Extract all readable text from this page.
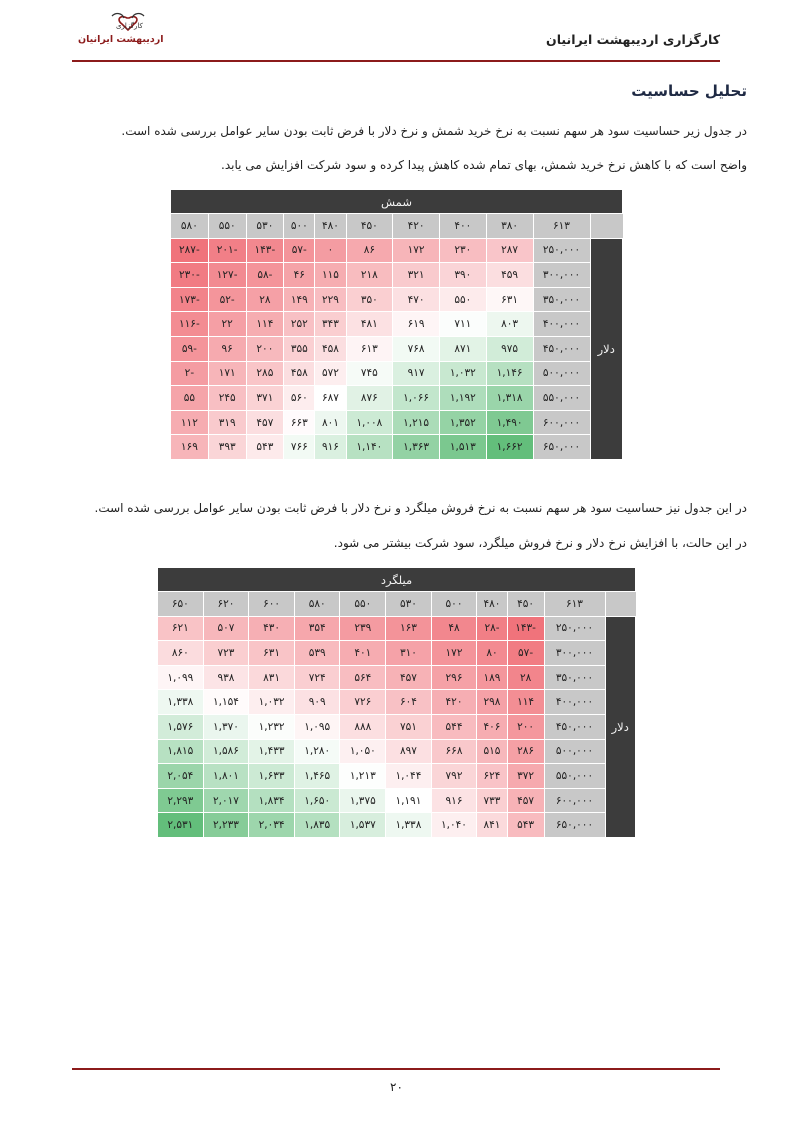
کارگزاری
اردیبهشت ایرانیان	کارگزاری اردیبهشت ایرانیان
تحلیل حساسیت
در جدول زیر حساسیت سود هر سهم نسبت به نرخ خرید شمش و نرخ دلار با فرض ثابت بودن سایر عوامل بررسی شده است.
واضح است که با کاهش نرخ خرید شمش، بهای تمام شده کاهش پیدا کرده و سود شرکت افزایش می یابد.
شمش										
	۶۱۳	۳۸۰	۴۰۰	۴۲۰	۴۵۰	۴۸۰	۵۰۰	۵۳۰	۵۵۰	۵۸۰
دلار	۲۵۰,۰۰۰	۲۸۷	۲۳۰	۱۷۲	۸۶	۰	-۵۷	-۱۴۳	-۲۰۱	-۲۸۷
	۳۰۰,۰۰۰	۴۵۹	۳۹۰	۳۲۱	۲۱۸	۱۱۵	۴۶	-۵۸	-۱۲۷	-۲۳۰
	۳۵۰,۰۰۰	۶۳۱	۵۵۰	۴۷۰	۳۵۰	۲۲۹	۱۴۹	۲۸	-۵۲	-۱۷۳
	۴۰۰,۰۰۰	۸۰۳	۷۱۱	۶۱۹	۴۸۱	۳۴۳	۲۵۲	۱۱۴	۲۲	-۱۱۶
	۴۵۰,۰۰۰	۹۷۵	۸۷۱	۷۶۸	۶۱۳	۴۵۸	۳۵۵	۲۰۰	۹۶	-۵۹
	۵۰۰,۰۰۰	۱,۱۴۶	۱,۰۳۲	۹۱۷	۷۴۵	۵۷۲	۴۵۸	۲۸۵	۱۷۱	-۲
	۵۵۰,۰۰۰	۱,۳۱۸	۱,۱۹۲	۱,۰۶۶	۸۷۶	۶۸۷	۵۶۰	۳۷۱	۲۴۵	۵۵
	۶۰۰,۰۰۰	۱,۴۹۰	۱,۳۵۲	۱,۲۱۵	۱,۰۰۸	۸۰۱	۶۶۳	۴۵۷	۳۱۹	۱۱۲
	۶۵۰,۰۰۰	۱,۶۶۲	۱,۵۱۳	۱,۳۶۳	۱,۱۴۰	۹۱۶	۷۶۶	۵۴۳	۳۹۳	۱۶۹
در این جدول نیز حساسیت سود هر سهم نسبت به نرخ فروش میلگرد و نرخ دلار با فرض ثابت بودن سایر عوامل بررسی شده است.
در این حالت، با افزایش نرخ دلار و نرخ فروش میلگرد، سود شرکت بیشتر می شود.
میلگرد										
	۶۱۳	۴۵۰	۴۸۰	۵۰۰	۵۳۰	۵۵۰	۵۸۰	۶۰۰	۶۲۰	۶۵۰
دلار	۲۵۰,۰۰۰	-۱۴۳	-۲۸	۴۸	۱۶۳	۲۳۹	۳۵۴	۴۳۰	۵۰۷	۶۲۱
	۳۰۰,۰۰۰	-۵۷	۸۰	۱۷۲	۳۱۰	۴۰۱	۵۳۹	۶۳۱	۷۲۳	۸۶۰
	۳۵۰,۰۰۰	۲۸	۱۸۹	۲۹۶	۴۵۷	۵۶۴	۷۲۴	۸۳۱	۹۳۸	۱,۰۹۹
	۴۰۰,۰۰۰	۱۱۴	۲۹۸	۴۲۰	۶۰۴	۷۲۶	۹۰۹	۱,۰۳۲	۱,۱۵۴	۱,۳۳۸
	۴۵۰,۰۰۰	۲۰۰	۴۰۶	۵۴۴	۷۵۱	۸۸۸	۱,۰۹۵	۱,۲۳۲	۱,۳۷۰	۱,۵۷۶
	۵۰۰,۰۰۰	۲۸۶	۵۱۵	۶۶۸	۸۹۷	۱,۰۵۰	۱,۲۸۰	۱,۴۳۳	۱,۵۸۶	۱,۸۱۵
	۵۵۰,۰۰۰	۳۷۲	۶۲۴	۷۹۲	۱,۰۴۴	۱,۲۱۳	۱,۴۶۵	۱,۶۳۳	۱,۸۰۱	۲,۰۵۴
	۶۰۰,۰۰۰	۴۵۷	۷۳۳	۹۱۶	۱,۱۹۱	۱,۳۷۵	۱,۶۵۰	۱,۸۳۴	۲,۰۱۷	۲,۲۹۳
	۶۵۰,۰۰۰	۵۴۳	۸۴۱	۱,۰۴۰	۱,۳۳۸	۱,۵۳۷	۱,۸۳۵	۲,۰۳۴	۲,۲۳۳	۲,۵۳۱
۲۰
